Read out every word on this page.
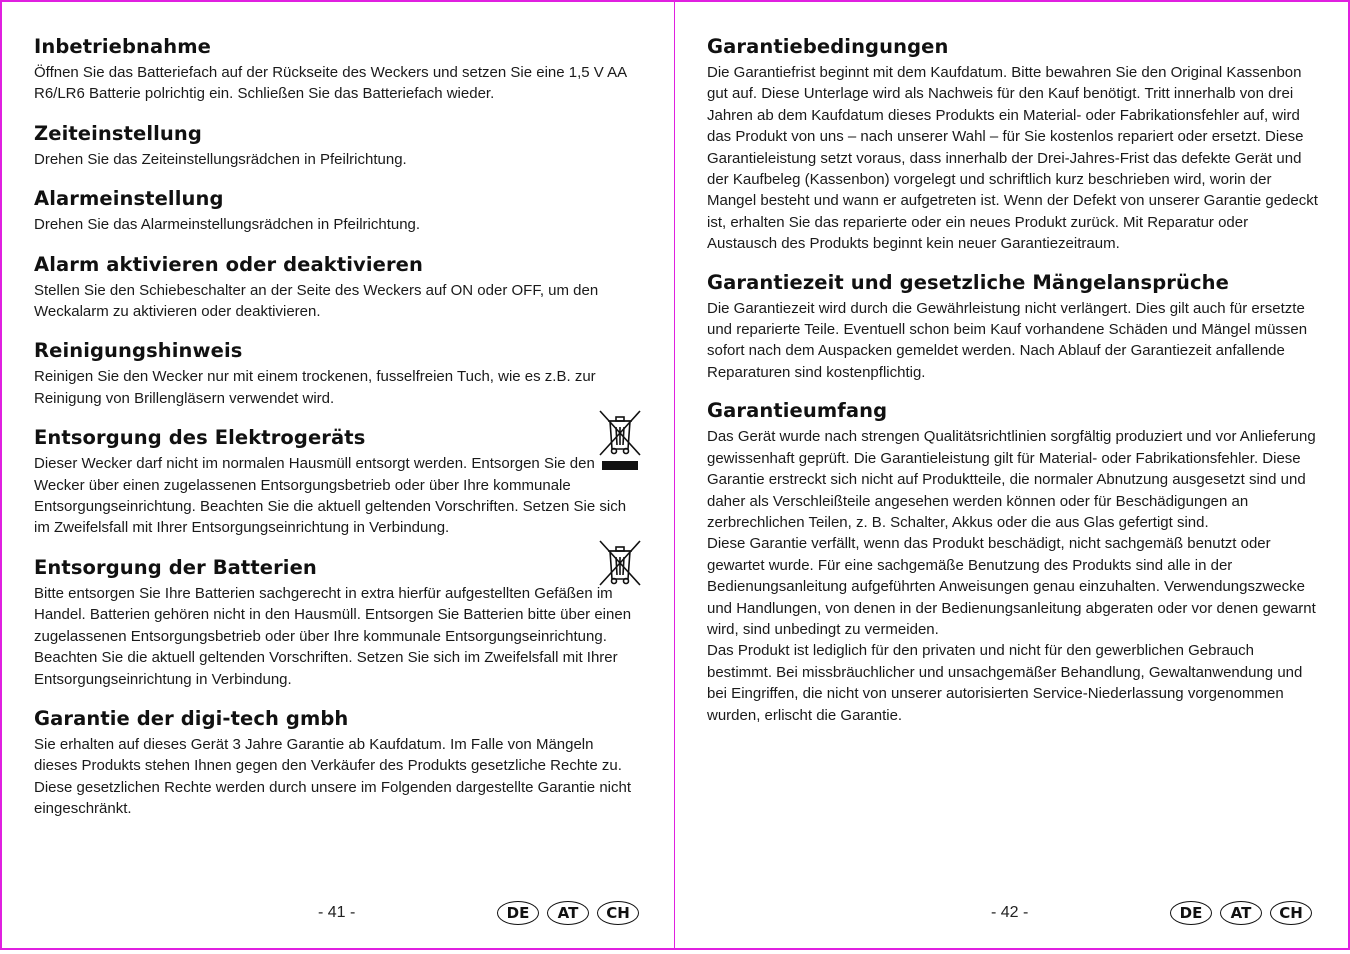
Inbetriebnahme

Öffnen Sie das Batteriefach auf der Rückseite des Weckers und setzen Sie eine 1,5 V AA R6/LR6 Batterie polrichtig ein. Schließen Sie das Batteriefach wieder.

Zeiteinstellung

Drehen Sie das Zeiteinstellungsrädchen in Pfeilrichtung.

Alarmeinstellung

Drehen Sie das Alarmeinstellungsrädchen in Pfeilrichtung.

Alarm aktivieren oder deaktivieren

Stellen Sie den Schiebeschalter an der Seite des Weckers auf ON oder OFF, um den Weckalarm zu aktivieren oder deaktivieren.

Reinigungshinweis

Reinigen Sie den Wecker nur mit einem trockenen, fusselfreien Tuch, wie es z.B. zur Reinigung von Brillengläsern verwendet wird.

Entsorgung des Elektrogeräts

Dieser Wecker darf nicht im normalen Hausmüll entsorgt werden. Entsorgen Sie den Wecker über einen zugelassenen Entsorgungsbetrieb oder über Ihre kommunale Entsorgungseinrichtung. Beachten Sie die aktuell geltenden Vorschriften. Setzen Sie sich im Zweifelsfall mit Ihrer Entsorgungseinrichtung in Verbindung.

Entsorgung der Batterien

Bitte entsorgen Sie Ihre Batterien sachgerecht in extra hierfür aufgestellten Gefäßen im Handel. Batterien gehören nicht in den Hausmüll. Entsorgen Sie Batterien bitte über einen zugelassenen Entsorgungsbetrieb oder über Ihre kommunale Entsorgungseinrichtung. Beachten Sie die aktuell geltenden Vorschriften. Setzen Sie sich im Zweifelsfall mit Ihrer Entsorgungseinrichtung in Verbindung.

Garantie der digi-tech gmbh

Sie erhalten auf dieses Gerät 3 Jahre Garantie ab Kaufdatum. Im Falle von Mängeln dieses Produkts stehen Ihnen gegen den Verkäufer des Produkts gesetzliche Rechte zu. Diese gesetzlichen Rechte werden durch unsere im Folgenden dargestellte Garantie nicht eingeschränkt.

- 41 -	DE	AT	CH
Garantiebedingungen

Die Garantiefrist beginnt mit dem Kaufdatum. Bitte bewahren Sie den Original Kassenbon gut auf. Diese Unterlage wird als Nachweis für den Kauf benötigt. Tritt innerhalb von drei Jahren ab dem Kaufdatum dieses Produkts ein Material- oder Fabrikationsfehler auf, wird das Produkt von uns – nach unserer Wahl – für Sie kostenlos repariert oder ersetzt. Diese Garantieleistung setzt voraus, dass innerhalb der Drei-Jahres-Frist das defekte Gerät und der Kaufbeleg (Kassenbon) vorgelegt und schriftlich kurz beschrieben wird, worin der Mangel besteht und wann er aufgetreten ist. Wenn der Defekt von unserer Garantie gedeckt ist, erhalten Sie das reparierte oder ein neues Produkt zurück. Mit Reparatur oder Austausch des Produkts beginnt kein neuer Garantiezeitraum.

Garantiezeit und gesetzliche Mängelansprüche

Die Garantiezeit wird durch die Gewährleistung nicht verlängert. Dies gilt auch für ersetzte und reparierte Teile. Eventuell schon beim Kauf vorhandene Schäden und Mängel müssen sofort nach dem Auspacken gemeldet werden. Nach Ablauf der Garantiezeit anfallende Reparaturen sind kostenpflichtig.

Garantieumfang

Das Gerät wurde nach strengen Qualitätsrichtlinien sorgfältig produziert und vor Anlieferung gewissenhaft geprüft. Die Garantieleistung gilt für Material- oder Fabrikationsfehler. Diese Garantie erstreckt sich nicht auf Produktteile, die normaler Abnutzung ausgesetzt sind und daher als Verschleißteile angesehen werden können oder für Beschädigungen an zerbrechlichen Teilen, z. B. Schalter, Akkus oder die aus Glas gefertigt sind.

Diese Garantie verfällt, wenn das Produkt beschädigt, nicht sachgemäß benutzt oder gewartet wurde. Für eine sachgemäße Benutzung des Produkts sind alle in der Bedienungsanleitung aufgeführten Anweisungen genau einzuhalten. Verwendungszwecke und Handlungen, von denen in der Bedienungsanleitung abgeraten oder vor denen gewarnt wird, sind unbedingt zu vermeiden.

Das Produkt ist lediglich für den privaten und nicht für den gewerblichen Gebrauch bestimmt. Bei missbräuchlicher und unsachgemäßer Behandlung, Gewaltanwendung und bei Eingriffen, die nicht von unserer autorisierten Service-Niederlassung vorgenommen wurden, erlischt die Garantie.

- 42 -	DE	AT	CH
